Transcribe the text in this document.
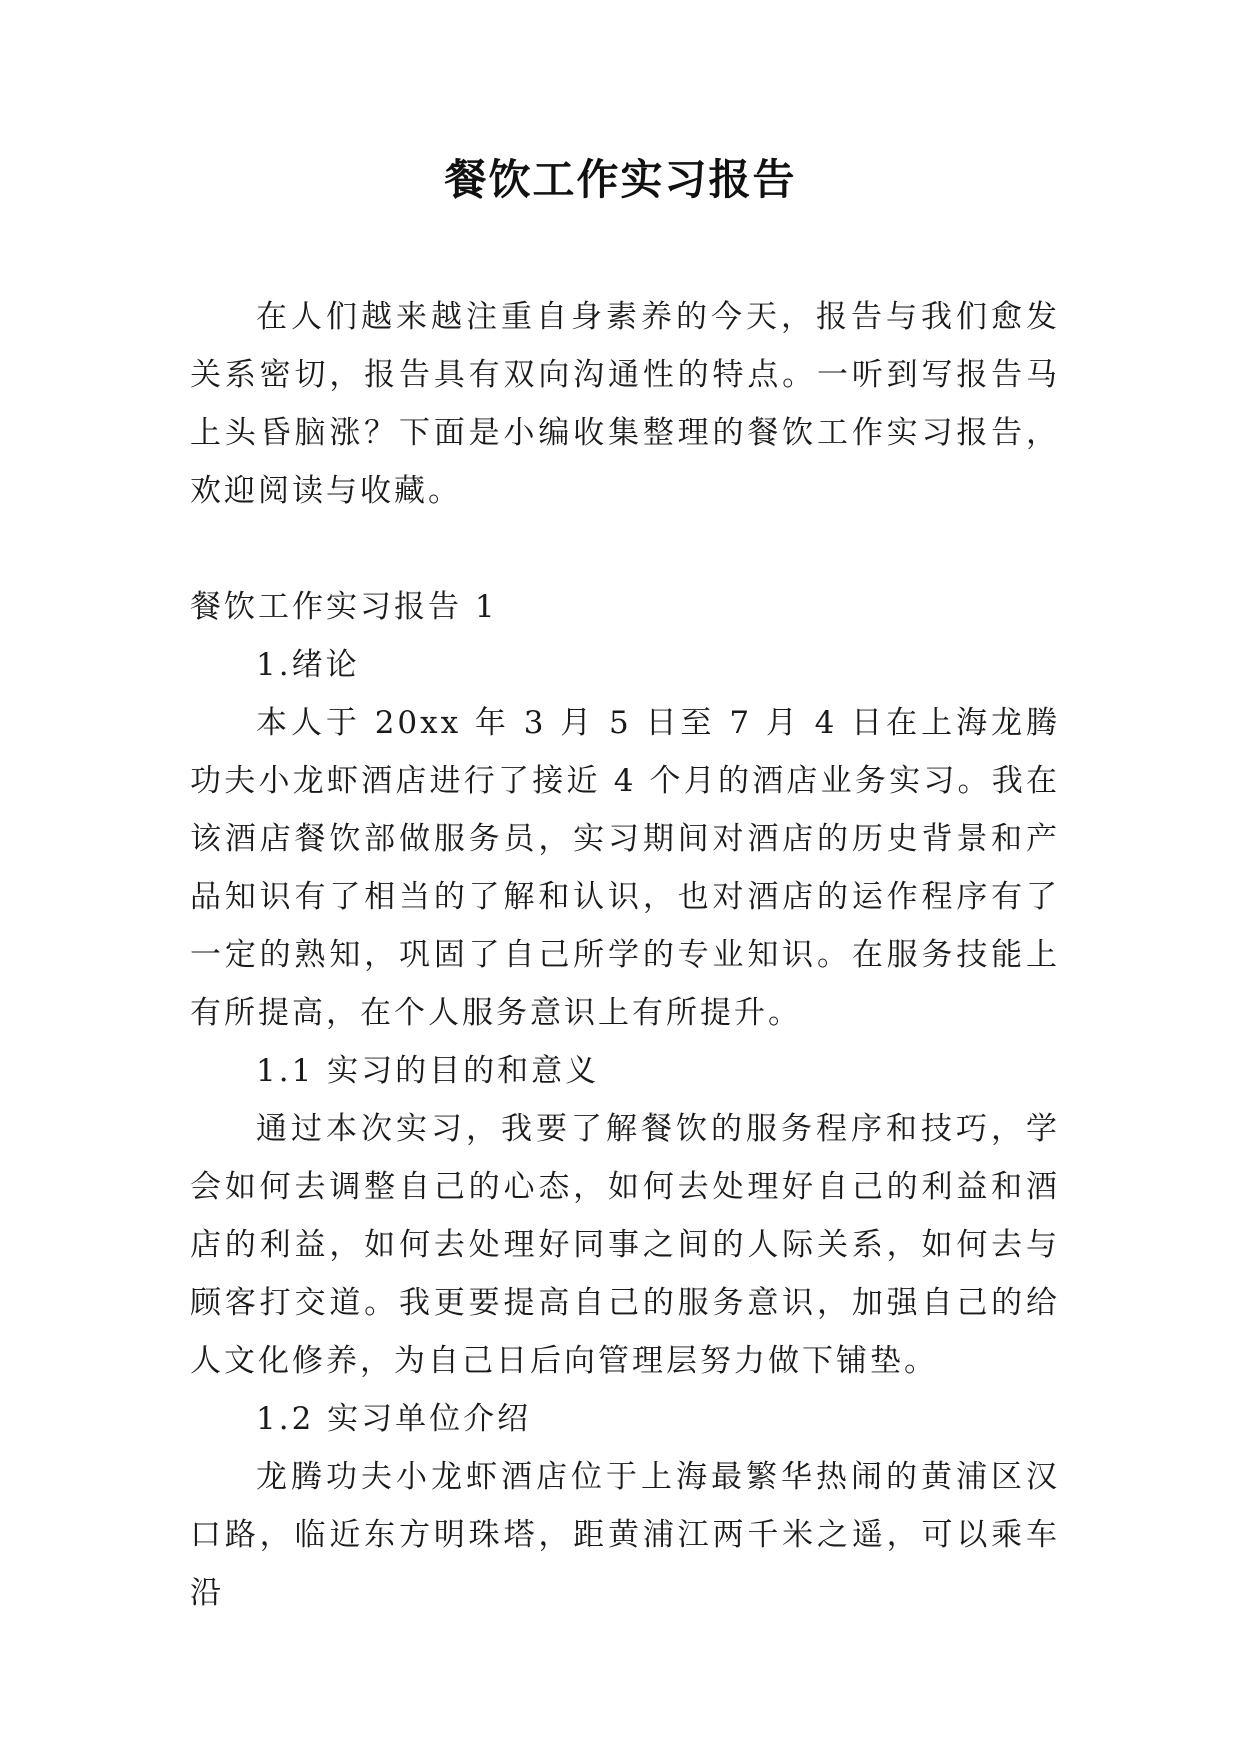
餐饮工作实习报告

在人们越来越注重自身素养的今天，报告与我们愈发关系密切，报告具有双向沟通性的特点。一听到写报告马上头昏脑涨？下面是小编收集整理的餐饮工作实习报告，欢迎阅读与收藏。

餐饮工作实习报告 1

1.绪论

本人于 20xx 年 3 月 5 日至 7 月 4 日在上海龙腾功夫小龙虾酒店进行了接近 4 个月的酒店业务实习。我在该酒店餐饮部做服务员，实习期间对酒店的历史背景和产品知识有了相当的了解和认识，也对酒店的运作程序有了一定的熟知，巩固了自己所学的专业知识。在服务技能上有所提高，在个人服务意识上有所提升。

1.1 实习的目的和意义

通过本次实习，我要了解餐饮的服务程序和技巧，学会如何去调整自己的心态，如何去处理好自己的利益和酒店的利益，如何去处理好同事之间的人际关系，如何去与顾客打交道。我更要提高自己的服务意识，加强自己的给人文化修养，为自己日后向管理层努力做下铺垫。

1.2 实习单位介绍

龙腾功夫小龙虾酒店位于上海最繁华热闹的黄浦区汉口路，临近东方明珠塔，距黄浦江两千米之遥，可以乘车沿
